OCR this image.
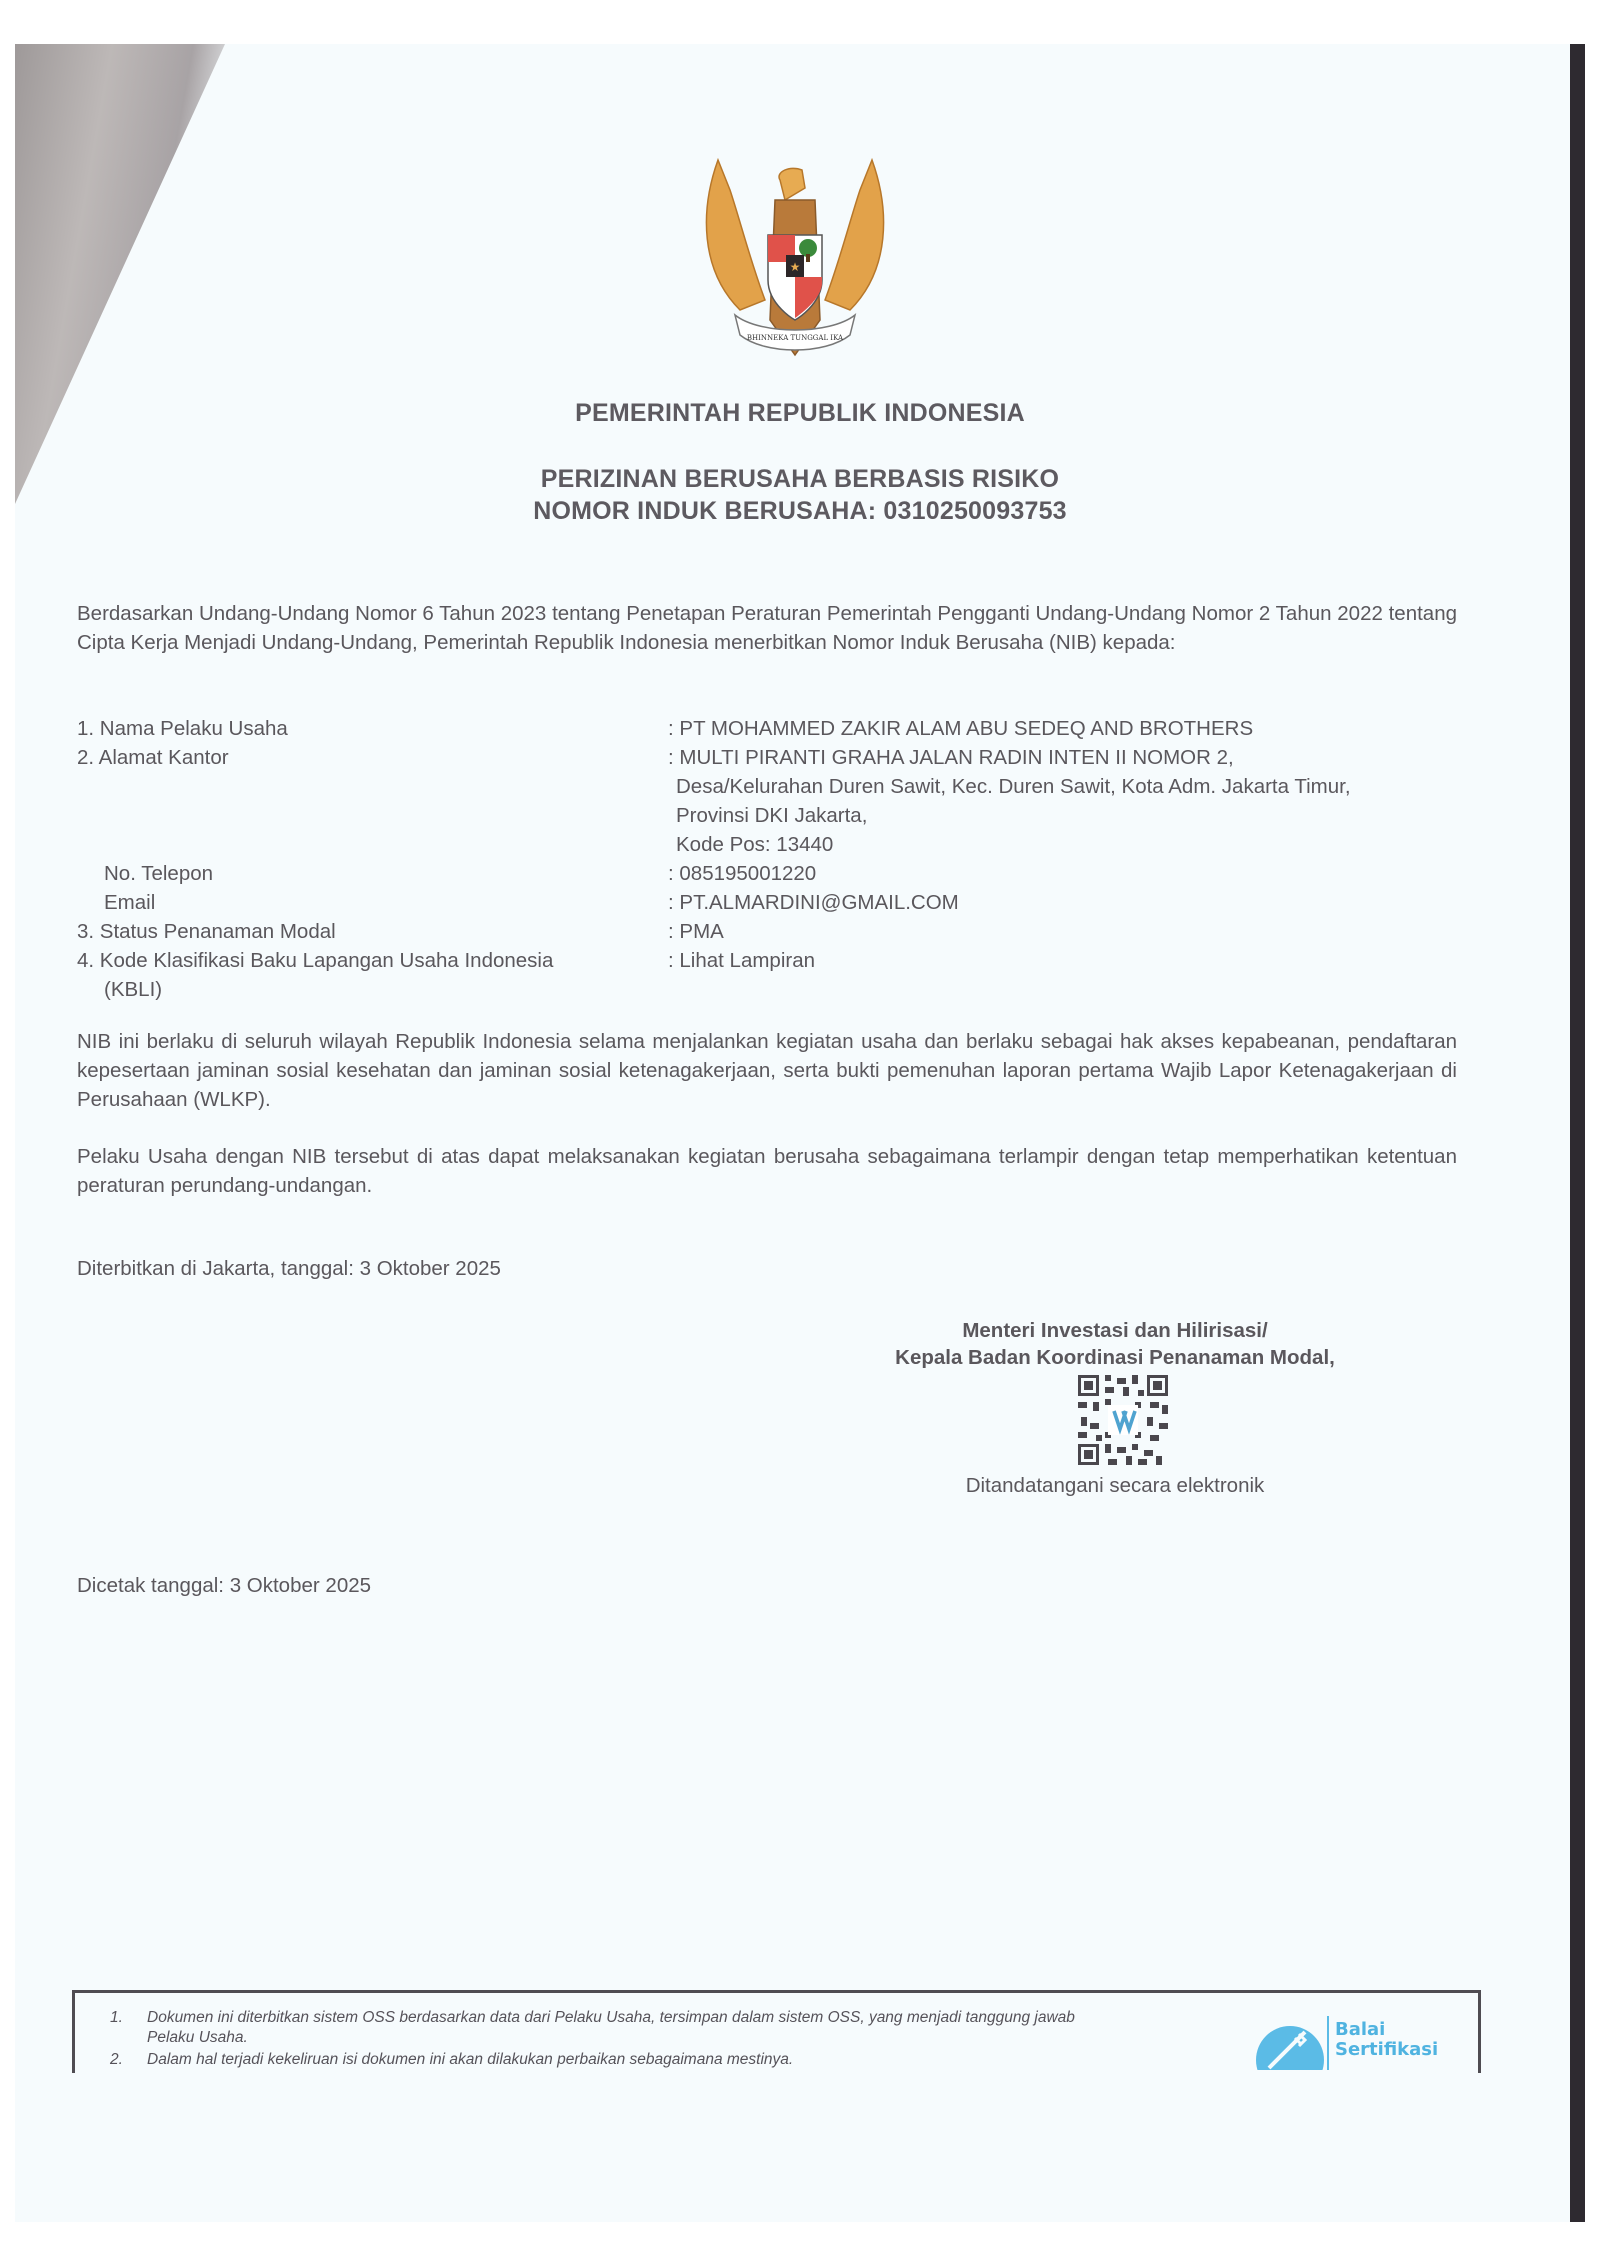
★
BHINNEKA TUNGGAL IKA
PEMERINTAH REPUBLIK INDONESIA
PERIZINAN BERUSAHA BERBASIS RISIKO
NOMOR INDUK BERUSAHA: 0310250093753
Berdasarkan Undang-Undang Nomor 6 Tahun 2023 tentang Penetapan Peraturan Pemerintah Pengganti Undang-Undang Nomor 2 Tahun 2022 tentang Cipta Kerja Menjadi Undang-Undang, Pemerintah Republik Indonesia menerbitkan Nomor Induk Berusaha (NIB) kepada:
1. Nama Pelaku Usaha	: PT MOHAMMED ZAKIR ALAM ABU SEDEQ AND BROTHERS
2. Alamat Kantor	: MULTI PIRANTI GRAHA JALAN RADIN INTEN II NOMOR 2,
Desa/Kelurahan Duren Sawit, Kec. Duren Sawit, Kota Adm. Jakarta Timur,
Provinsi DKI Jakarta,
Kode Pos: 13440
No. Telepon	: 085195001220
Email	: PT.ALMARDINI@GMAIL.COM
3. Status Penanaman Modal	: PMA
4. Kode Klasifikasi Baku Lapangan Usaha Indonesia
(KBLI)
: Lihat Lampiran
NIB ini berlaku di seluruh wilayah Republik Indonesia selama menjalankan kegiatan usaha dan berlaku sebagai hak akses kepabeanan, pendaftaran kepesertaan jaminan sosial kesehatan dan jaminan sosial ketenagakerjaan, serta bukti pemenuhan laporan pertama Wajib Lapor Ketenagakerjaan di Perusahaan (WLKP).
Pelaku Usaha dengan NIB tersebut di atas dapat melaksanakan kegiatan berusaha sebagaimana terlampir dengan tetap memperhatikan ketentuan peraturan perundang-undangan.
Diterbitkan di Jakarta, tanggal: 3 Oktober 2025
Menteri Investasi dan Hilirisasi/
Kepala Badan Koordinasi Penanaman Modal,
Ditandatangani secara elektronik
Dicetak tanggal: 3 Oktober 2025
1. Dokumen ini diterbitkan sistem OSS berdasarkan data dari Pelaku Usaha, tersimpan dalam sistem OSS, yang menjadi tanggung jawab
Pelaku Usaha.
2. Dalam hal terjadi kekeliruan isi dokumen ini akan dilakukan perbaikan sebagaimana mestinya.
Balai
Sertifikasi
